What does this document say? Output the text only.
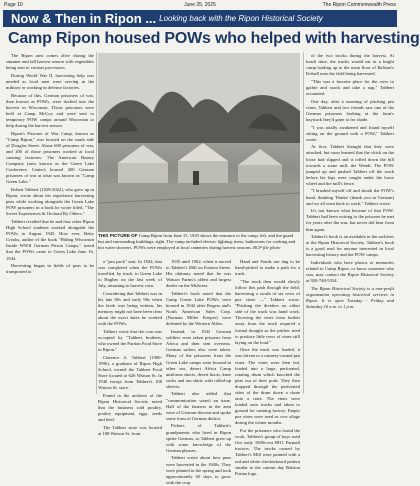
Page 10	June 25, 2025	The Ripon Commonwealth Press
Now & Then in Ripon ... Looking back with the Ripon Historical Society
Camp Ripon housed POWs who helped with harvesting

The Ripon area comes alive during the summer and fall harvest season with vegetables being sent to various processors.

During World War II, harvesting help was needed as local men were serving in the military or working in defense factories.

Because of this, German prisoners of war, then known as POWs, were drafted into the harvest in Wisconsin. Those prisoners were held at Camp McCoy and were sent to temporary POW camps around Wisconsin to help during the harvest season.

Ripon's Prisoner of War Camp, known as "Camp Ripon," was located on the south side of Douglas Street. About 600 prisoners of war, and 200 of those prisoners worked at local canning factories: The American Beauty Company (now known as the Green Lake Conference Center) housed 200 German prisoners of war at what was known as "Camp Green Lake."

Robert Tabbert (1928-2022), who grew up in Ripon, wrote about his experience harvesting peas while working alongside the Green Lake POW prisoners in a book he wrote titled, "The Sweet Experiences & Orchard By Others."

Tabbert recalled that he and four other Ripon High School students worked alongside the POWs in August 1945. How ever, Betty Crooks, author of the book "Hiding Wisconsin Inside WWII German Prison Camps," noted that the POWs came to Green Lake June 16, 1944.

Harvesting began in fields of peas to be transported to

THIS PICTURE OF Camp Ripon from June 15, 1945 shows the entrance to the camp, left, and the guard hut and surrounding buildings, right. The camp included electric lighting, mess, bathrooms for cooking and hot water showers. POWs were employed at local canneries during harvest seasons. RCP file photo

a "pea pack" unit. In 1944, that was completed when the POWs travelled, by truck, to Green Lake to Hughes on the last week of July, returning to harvest corn.

Considering that Tabbert was in his late 80s and early 90s when the book was being written, his memory might not have been clear about the exact dates he worked with the POWs.

Tabbert wrote that the corn was occupied by "Tabbert brothers, who owned the Puritan Food Store in Ripon."

Clarence A. Tabbert (1900-1996), a graduate of Ripon High School, owned the Tabbert Food Store located at 626 Watson St. In 1940 except from Tabbert's 108 Watson St. store.

Found in the archives of the Ripon Historical Society noted that the business sold poultry, poultry equipment, eggs, seeds and feed.

The Tabbert store was located at 108 Watson St. from

1935 until 1962, when it moved to Tabbert's Mill on Eastern Street. His obituary noted that he was Watson Farms's oldest and largest dealer on the Midwest.

Tabbert's book noted that the Camp Green Lake POWs were housed in 1942 after Rogers and's North American Sales Corp. (Norman Miller Keeper) were defeated by the Western Allies.

Instead, in 1942 German soldiers were taken prisoner from Africa and then sent overseas. German sailors also were taken. Many of the prisoners from the Green Lake camps were housed in other sea, desert Africa Camp uniforms shorts, desert boots, knee socks and tan shirts with rolled-up sleeves.

Tabbert also added that "communication wasn't an issue. Half of the farmers in the area were of German descent and spoke some form of German dialect.

Pickers of Tabbert's grandparents who lived in Ripon spoke German, so Tabbert grew up with some knowledge of the German phrases.

Tabbert wrote about how peas were harvested in the 1940s. They were planted in the spring and took approximately 60 days to grow with the crop

Hand and Fonds use dug to be hand-picked to make a path for a truck.

"The truck then would slowly follow this path through the field, harvesting a swath of six rows of pea vines ...," Tabbert wrote. "Pitching the dividers on either side of the truck was hand work. Throwing the vines from further away from the truck required a formal thought as the pitcher tried to produce little rows of vines still laying on the load."

Once the truck was loaded, it was driven to a cannery-owned pea viner. The vines were then fed, loaded into a large, perforated, rotating drum which knocked the peas out of their pods. They then dropped through the perforated sides of the drum down a chute onto a crate. The vines were loaded onto trucks and taken to ground for canning factory. Empty pea vines were used as cow silage during the winter months.

For the prisoners who found the work, Tabbert's group of boys used five early 1940s-era IH11 Farmall tractors. The trucks owned by Tabbert's Mill were painted with a red and white checkerboard pattern similar to the current day Ralston Purina logo.

of the two trucks during the harvest. At lunch time, the trucks would eat in a bright camp loading up to the main floor of Ralston's Kelsall near the field being harvested.

"This was a favorite place for the crew to gather and snack and take a nap," Tabbert recounted.

One day, after a morning of pitching pea vines, Tabbert and two friends saw one of the German prisoners looking at the farm's haystack they'd gone to for shade.

"I was totally awakened and found myself sitting on the ground with a POW," Tabbert wrote.

At first, Tabbert thought that they were attacked, but soon learned that the chick on the loose had slipped and it rolled down the hill towards a stone mill, the Wendt. The POW jumped up and pushed Tabbert off the truck before his legs were caught under the loose wheel and the mill's fence.

"I brushed myself off and shook the POW's hand, thinking 'Danke' (thank you in German) and we all went back to work," Tabbert wrote.

It's not known what became of that POW. Tabbert had been writing to the prisoner he met for years after the war, but never did hear from him again.

Tabbert's book is an available in the archives at the Ripon Historical Society. Tabbert's book is a good read for anyone interested in local harvesting history and the POW camps.

Individuals who have photos or memories related to Camp Ripon, or know someone who was, may contact the Ripon Historical Society at 920-748-5354.

The Ripon Historical Society is a non-profit organization operating historical services in Ripon. It is open Tuesday - Friday and Saturday 10 a.m. to 1 p.m.
